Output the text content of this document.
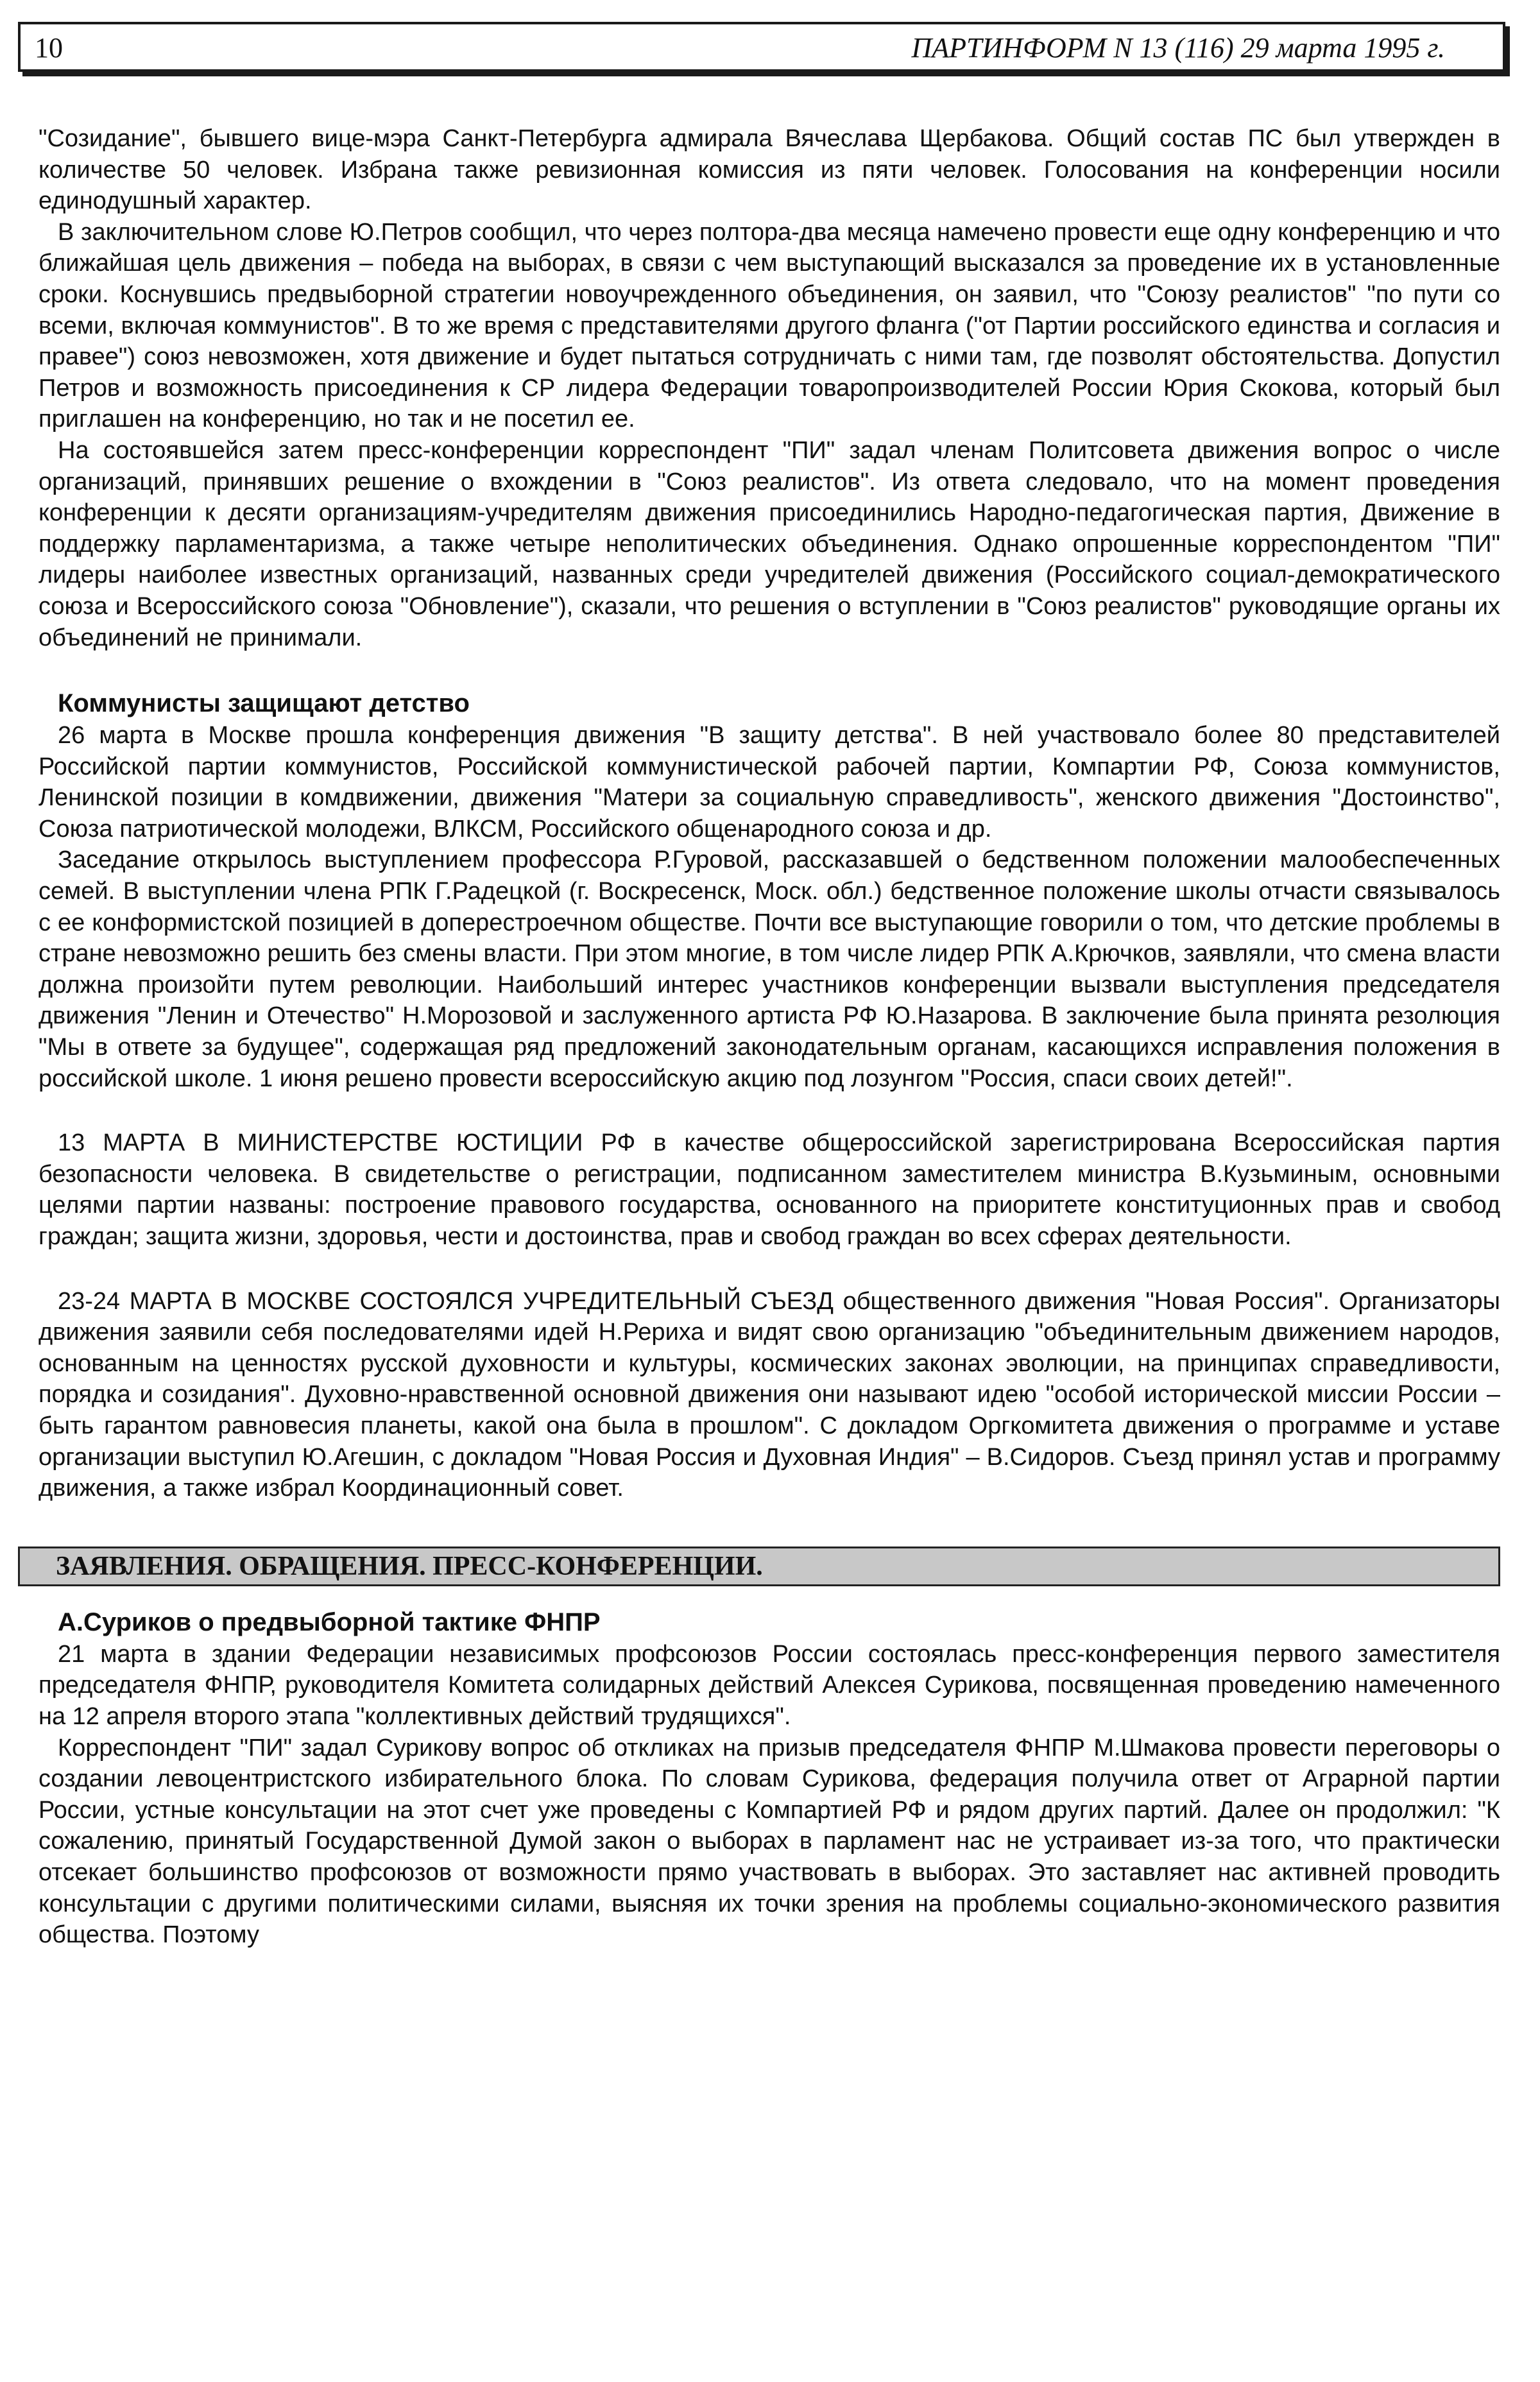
10	ПАРТИНФОРМ N 13 (116) 29 марта 1995 г.

"Созидание", бывшего вице-мэра Санкт-Петербурга адмирала Вячеслава Щербакова. Общий состав ПС был утвержден в количестве 50 человек. Избрана также ревизионная комиссия из пяти человек. Голосования на конференции носили единодушный характер.

В заключительном слове Ю.Петров сообщил, что через полтора-два месяца намечено провести еще одну конференцию и что ближайшая цель движения – победа на выборах, в связи с чем выступающий высказался за проведение их в установленные сроки. Коснувшись предвыборной стратегии новоучрежденного объединения, он заявил, что "Союзу реалистов" "по пути со всеми, включая коммунистов". В то же время с представителями другого фланга ("от Партии российского единства и согласия и правее") союз невозможен, хотя движение и будет пытаться сотрудничать с ними там, где позволят обстоятельства. Допустил Петров и возможность присоединения к СР лидера Федерации товаропроизводителей России Юрия Скокова, который был приглашен на конференцию, но так и не посетил ее.

На состоявшейся затем пресс-конференции корреспондент "ПИ" задал членам Политсовета движения вопрос о числе организаций, принявших решение о вхождении в "Союз реалистов". Из ответа следовало, что на момент проведения конференции к десяти организациям-учредителям движения присоединились Народно-педагогическая партия, Движение в поддержку парламентаризма, а также четыре неполитических объединения. Однако опрошенные корреспондентом "ПИ" лидеры наиболее известных организаций, названных среди учредителей движения (Российского социал-демократического союза и Всероссийского союза "Обновление"), сказали, что решения о вступлении в "Союз реалистов" руководящие органы их объединений не принимали.

Коммунисты защищают детство

26 марта в Москве прошла конференция движения "В защиту детства". В ней участвовало более 80 представителей Российской партии коммунистов, Российской коммунистической рабочей партии, Компартии РФ, Союза коммунистов, Ленинской позиции в комдвижении, движения "Матери за социальную справедливость", женского движения "Достоинство", Союза патриотической молодежи, ВЛКСМ, Российского общенародного союза и др.

Заседание открылось выступлением профессора Р.Гуровой, рассказавшей о бедственном положении малообеспеченных семей. В выступлении члена РПК Г.Радецкой (г. Воскресенск, Моск. обл.) бедственное положение школы отчасти связывалось с ее конформистской позицией в доперестроечном обществе. Почти все выступающие говорили о том, что детские проблемы в стране невозможно решить без смены власти. При этом многие, в том числе лидер РПК А.Крючков, заявляли, что смена власти должна произойти путем революции. Наибольший интерес участников конференции вызвали выступления председателя движения "Ленин и Отечество" Н.Морозовой и заслуженного артиста РФ Ю.Назарова. В заключение была принята резолюция "Мы в ответе за будущее", содержащая ряд предложений законодательным органам, касающихся исправления положения в российской школе. 1 июня решено провести всероссийскую акцию под лозунгом "Россия, спаси своих детей!".

13 МАРТА В МИНИСТЕРСТВЕ ЮСТИЦИИ РФ в качестве общероссийской зарегистрирована Всероссийская партия безопасности человека. В свидетельстве о регистрации, подписанном заместителем министра В.Кузьминым, основными целями партии названы: построение правового государства, основанного на приоритете конституционных прав и свобод граждан; защита жизни, здоровья, чести и достоинства, прав и свобод граждан во всех сферах деятельности.

23-24 МАРТА В МОСКВЕ СОСТОЯЛСЯ УЧРЕДИТЕЛЬНЫЙ СЪЕЗД общественного движения "Новая Россия". Организаторы движения заявили себя последователями идей Н.Рериха и видят свою организацию "объединительным движением народов, основанным на ценностях русской духовности и культуры, космических законах эволюции, на принципах справедливости, порядка и созидания". Духовно-нравственной основной движения они называют идею "особой исторической миссии России – быть гарантом равновесия планеты, какой она была в прошлом". С докладом Оргкомитета движения о программе и уставе организации выступил Ю.Агешин, с докладом "Новая Россия и Духовная Индия" – В.Сидоров. Съезд принял устав и программу движения, а также избрал Координационный совет.

ЗАЯВЛЕНИЯ. ОБРАЩЕНИЯ. ПРЕСС-КОНФЕРЕНЦИИ.
А.Суриков о предвыборной тактике ФНПР

21 марта в здании Федерации независимых профсоюзов России состоялась пресс-конференция первого заместителя председателя ФНПР, руководителя Комитета солидарных действий Алексея Сурикова, посвященная проведению намеченного на 12 апреля второго этапа "коллективных действий трудящихся".

Корреспондент "ПИ" задал Сурикову вопрос об откликах на призыв председателя ФНПР М.Шмакова провести переговоры о создании левоцентристского избирательного блока. По словам Сурикова, федерация получила ответ от Аграрной партии России, устные консультации на этот счет уже проведены с Компартией РФ и рядом других партий. Далее он продолжил: "К сожалению, принятый Государственной Думой закон о выборах в парламент нас не устраивает из-за того, что практически отсекает большинство профсоюзов от возможности прямо участвовать в выборах. Это заставляет нас активней проводить консультации с другими политическими силами, выясняя их точки зрения на проблемы социально-экономического развития общества. Поэтому
